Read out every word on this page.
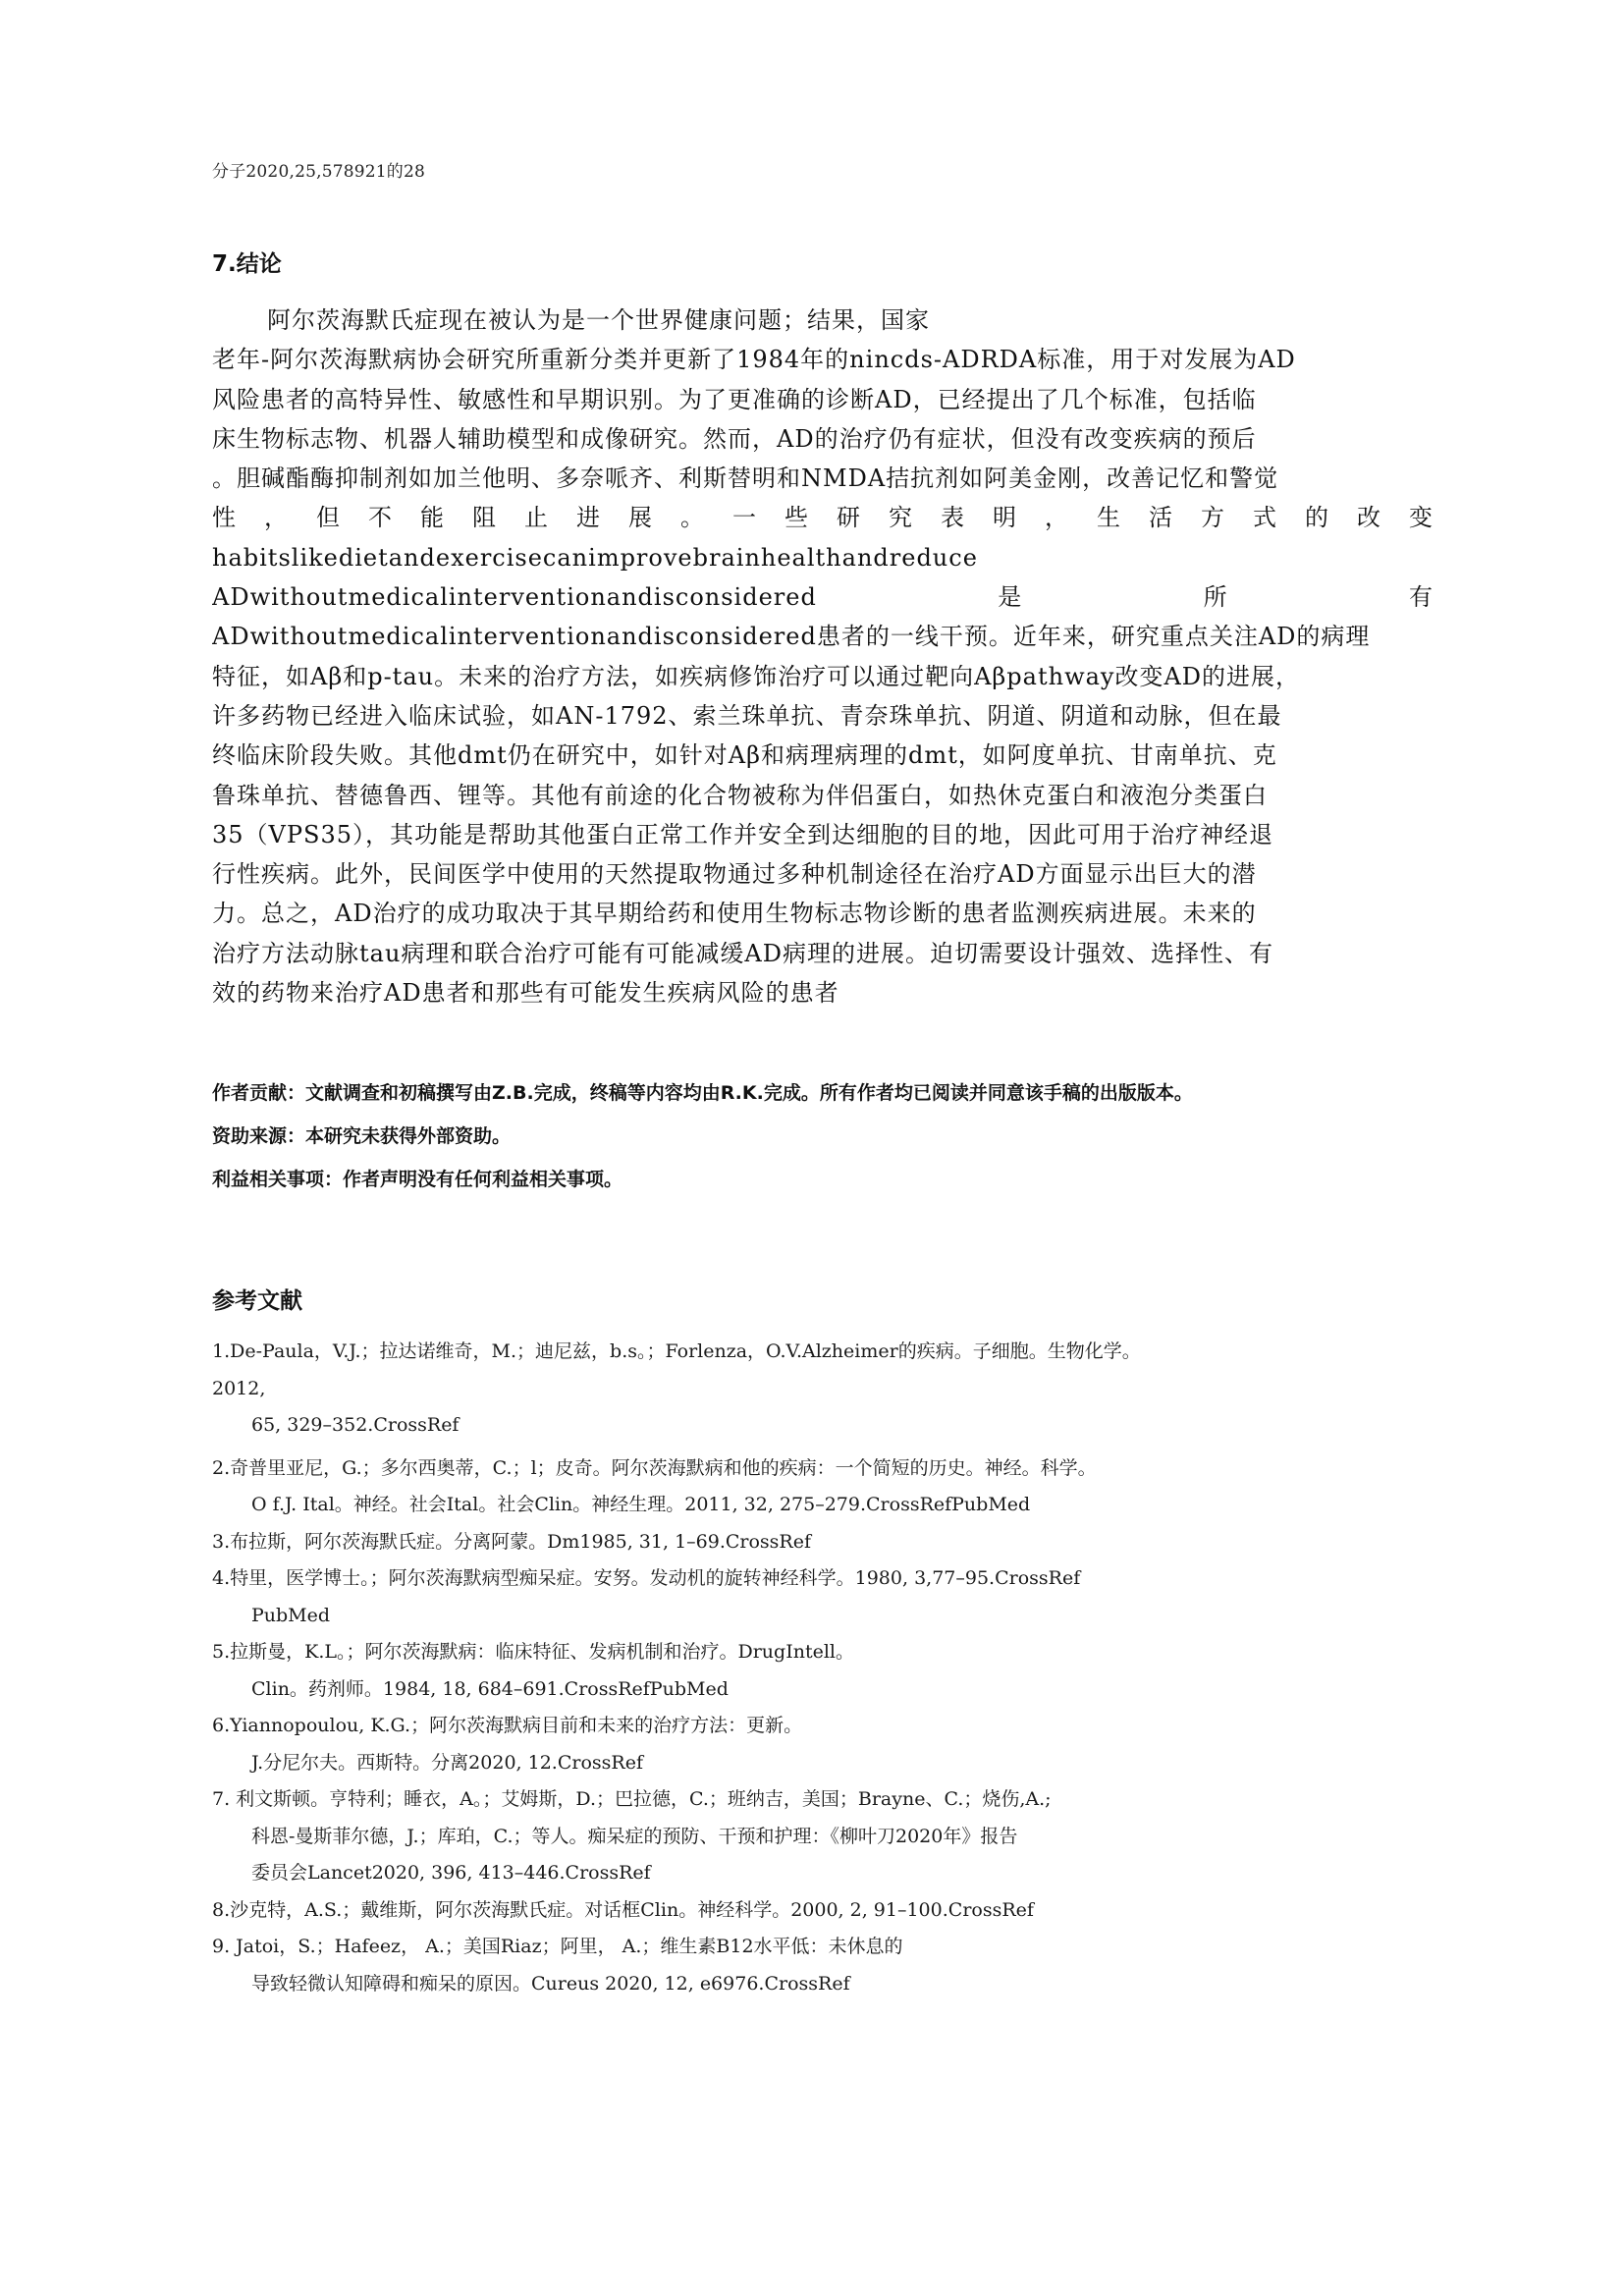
分子2020,25,578921的28
7.结论
阿尔茨海默氏症现在被认为是一个世界健康问题；结果，国家
老年-阿尔茨海默病协会研究所重新分类并更新了1984年的nincds-ADRDA标准，用于对发展为AD
风险患者的高特异性、敏感性和早期识别。为了更准确的诊断AD，已经提出了几个标准，包括临
床生物标志物、机器人辅助模型和成像研究。然而，AD的治疗仍有症状，但没有改变疾病的预后
。胆碱酯酶抑制剂如加兰他明、多奈哌齐、利斯替明和NMDA拮抗剂如阿美金刚，改善记忆和警觉
性 ， 但 不 能 阻 止 进 展 。 一 些 研 究 表 明 ， 生 活 方 式 的 改 变
habitslikedietandexercisecanimprovebrainhealthandreduce
ADwithoutmedicalinterventionandisconsidered	是	所	有
ADwithoutmedicalinterventionandisconsidered患者的一线干预。近年来，研究重点关注AD的病理
特征，如Aβ和p-tau。未来的治疗方法，如疾病修饰治疗可以通过靶向Aβpathway改变AD的进展，
许多药物已经进入临床试验，如AN-1792、索兰珠单抗、青奈珠单抗、阴道、阴道和动脉，但在最
终临床阶段失败。其他dmt仍在研究中，如针对Aβ和病理病理的dmt，如阿度单抗、甘南单抗、克
鲁珠单抗、替德鲁西、锂等。其他有前途的化合物被称为伴侣蛋白，如热休克蛋白和液泡分类蛋白
35（VPS35），其功能是帮助其他蛋白正常工作并安全到达细胞的目的地，因此可用于治疗神经退
行性疾病。此外，民间医学中使用的天然提取物通过多种机制途径在治疗AD方面显示出巨大的潜
力。总之，AD治疗的成功取决于其早期给药和使用生物标志物诊断的患者监测疾病进展。未来的
治疗方法动脉tau病理和联合治疗可能有可能减缓AD病理的进展。迫切需要设计强效、选择性、有
效的药物来治疗AD患者和那些有可能发生疾病风险的患者
作者贡献：文献调查和初稿撰写由Z.B.完成，终稿等内容均由R.K.完成。所有作者均已阅读并同意该手稿的出版版本。
资助来源：本研究未获得外部资助。
利益相关事项：作者声明没有任何利益相关事项。
参考文献
1.De-Paula，V.J.；拉达诺维奇，M.；迪尼兹，b.s。；Forlenza，O.V.Alzheimer的疾病。子细胞。生物化学。
2012,
65, 329–352.CrossRef
2.奇普里亚尼，G.；多尔西奥蒂，C.；l；皮奇。阿尔茨海默病和他的疾病：一个简短的历史。神经。科学。
O f.J. Ital。神经。社会Ital。社会Clin。神经生理。2011, 32, 275–279.CrossRefPubMed
3.布拉斯，阿尔茨海默氏症。分离阿蒙。Dm1985, 31, 1–69.CrossRef
4.特里，医学博士。；阿尔茨海默病型痴呆症。安努。发动机的旋转神经科学。1980, 3,77–95.CrossRef
PubMed
5.拉斯曼，K.L。；阿尔茨海默病：临床特征、发病机制和治疗。DrugIntell。
Clin。药剂师。1984, 18, 684–691.CrossRefPubMed
6.Yiannopoulou, K.G.；阿尔茨海默病目前和未来的治疗方法：更新。
J.分尼尔夫。西斯特。分离2020, 12.CrossRef
7. 利文斯顿。亨特利；睡衣，A。；艾姆斯，D.；巴拉德，C.；班纳吉，美国；Brayne、C.；烧伤,A.;
科恩-曼斯菲尔德，J.；库珀，C.；等人。痴呆症的预防、干预和护理：《柳叶刀2020年》报告
委员会Lancet2020, 396, 413–446.CrossRef
8.沙克特，A.S.；戴维斯，阿尔茨海默氏症。对话框Clin。神经科学。2000, 2, 91–100.CrossRef
9. Jatoi，S.；Hafeez， A.；美国Riaz；阿里， A.；维生素B12水平低：未休息的
导致轻微认知障碍和痴呆的原因。Cureus 2020, 12, e6976.CrossRef
